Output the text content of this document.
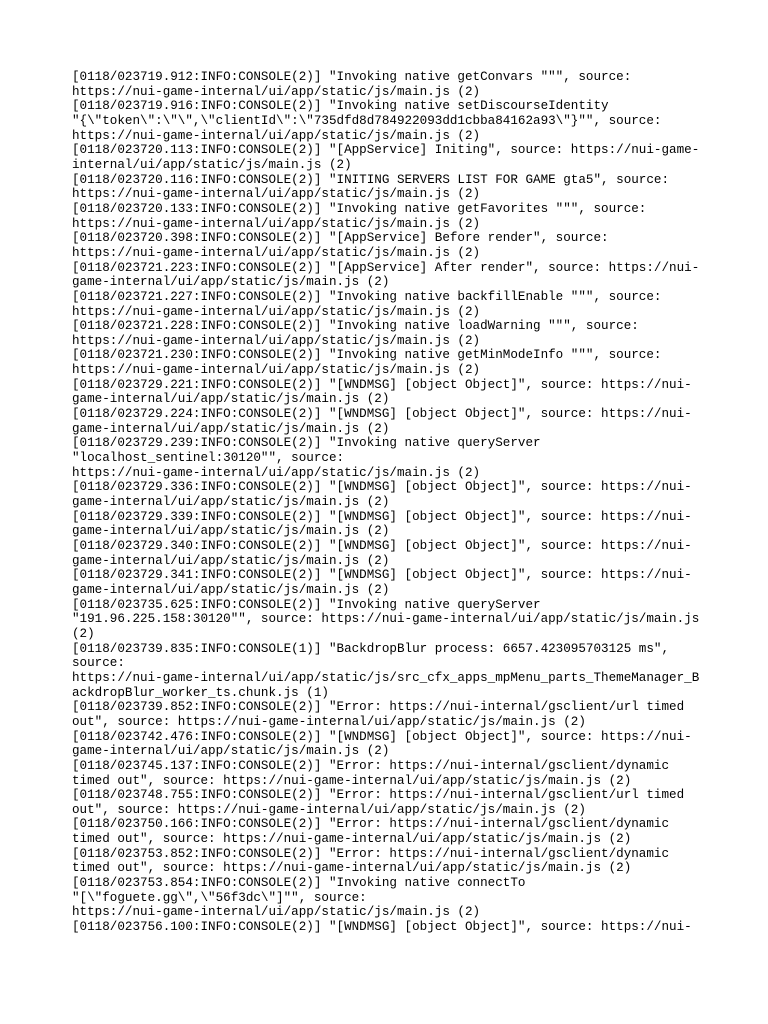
[0118/023719.912:INFO:CONSOLE(2)] "Invoking native getConvars """, source:
https://nui-game-internal/ui/app/static/js/main.js (2)
[0118/023719.916:INFO:CONSOLE(2)] "Invoking native setDiscourseIdentity
"{\"token\":\"\",\"clientId\":\"735dfd8d784922093dd1cbba84162a93\"}"", source:
https://nui-game-internal/ui/app/static/js/main.js (2)
[0118/023720.113:INFO:CONSOLE(2)] "[AppService] Initing", source: https://nui-game-
internal/ui/app/static/js/main.js (2)
[0118/023720.116:INFO:CONSOLE(2)] "INITING SERVERS LIST FOR GAME gta5", source:
https://nui-game-internal/ui/app/static/js/main.js (2)
[0118/023720.133:INFO:CONSOLE(2)] "Invoking native getFavorites """, source:
https://nui-game-internal/ui/app/static/js/main.js (2)
[0118/023720.398:INFO:CONSOLE(2)] "[AppService] Before render", source:
https://nui-game-internal/ui/app/static/js/main.js (2)
[0118/023721.223:INFO:CONSOLE(2)] "[AppService] After render", source: https://nui-
game-internal/ui/app/static/js/main.js (2)
[0118/023721.227:INFO:CONSOLE(2)] "Invoking native backfillEnable """, source:
https://nui-game-internal/ui/app/static/js/main.js (2)
[0118/023721.228:INFO:CONSOLE(2)] "Invoking native loadWarning """, source:
https://nui-game-internal/ui/app/static/js/main.js (2)
[0118/023721.230:INFO:CONSOLE(2)] "Invoking native getMinModeInfo """, source:
https://nui-game-internal/ui/app/static/js/main.js (2)
[0118/023729.221:INFO:CONSOLE(2)] "[WNDMSG] [object Object]", source: https://nui-
game-internal/ui/app/static/js/main.js (2)
[0118/023729.224:INFO:CONSOLE(2)] "[WNDMSG] [object Object]", source: https://nui-
game-internal/ui/app/static/js/main.js (2)
[0118/023729.239:INFO:CONSOLE(2)] "Invoking native queryServer
"localhost_sentinel:30120"", source:
https://nui-game-internal/ui/app/static/js/main.js (2)
[0118/023729.336:INFO:CONSOLE(2)] "[WNDMSG] [object Object]", source: https://nui-
game-internal/ui/app/static/js/main.js (2)
[0118/023729.339:INFO:CONSOLE(2)] "[WNDMSG] [object Object]", source: https://nui-
game-internal/ui/app/static/js/main.js (2)
[0118/023729.340:INFO:CONSOLE(2)] "[WNDMSG] [object Object]", source: https://nui-
game-internal/ui/app/static/js/main.js (2)
[0118/023729.341:INFO:CONSOLE(2)] "[WNDMSG] [object Object]", source: https://nui-
game-internal/ui/app/static/js/main.js (2)
[0118/023735.625:INFO:CONSOLE(2)] "Invoking native queryServer
"191.96.225.158:30120"", source: https://nui-game-internal/ui/app/static/js/main.js
(2)
[0118/023739.835:INFO:CONSOLE(1)] "BackdropBlur process: 6657.423095703125 ms",
source:
https://nui-game-internal/ui/app/static/js/src_cfx_apps_mpMenu_parts_ThemeManager_B
ackdropBlur_worker_ts.chunk.js (1)
[0118/023739.852:INFO:CONSOLE(2)] "Error: https://nui-internal/gsclient/url timed
out", source: https://nui-game-internal/ui/app/static/js/main.js (2)
[0118/023742.476:INFO:CONSOLE(2)] "[WNDMSG] [object Object]", source: https://nui-
game-internal/ui/app/static/js/main.js (2)
[0118/023745.137:INFO:CONSOLE(2)] "Error: https://nui-internal/gsclient/dynamic
timed out", source: https://nui-game-internal/ui/app/static/js/main.js (2)
[0118/023748.755:INFO:CONSOLE(2)] "Error: https://nui-internal/gsclient/url timed
out", source: https://nui-game-internal/ui/app/static/js/main.js (2)
[0118/023750.166:INFO:CONSOLE(2)] "Error: https://nui-internal/gsclient/dynamic
timed out", source: https://nui-game-internal/ui/app/static/js/main.js (2)
[0118/023753.852:INFO:CONSOLE(2)] "Error: https://nui-internal/gsclient/dynamic
timed out", source: https://nui-game-internal/ui/app/static/js/main.js (2)
[0118/023753.854:INFO:CONSOLE(2)] "Invoking native connectTo
"[\"foguete.gg\",\"56f3dc\"]"", source:
https://nui-game-internal/ui/app/static/js/main.js (2)
[0118/023756.100:INFO:CONSOLE(2)] "[WNDMSG] [object Object]", source: https://nui-
